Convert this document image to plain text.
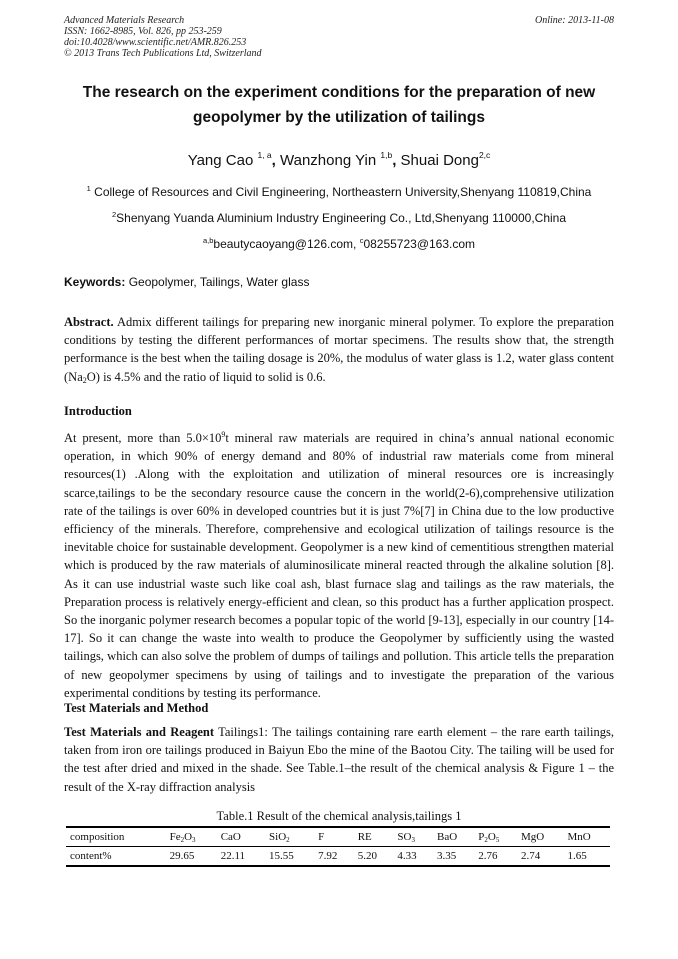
Advanced Materials Research
ISSN: 1662-8985, Vol. 826, pp 253-259
doi:10.4028/www.scientific.net/AMR.826.253
© 2013 Trans Tech Publications Ltd, Switzerland
Online: 2013-11-08
The research on the experiment conditions for the preparation of new
geopolymer by the utilization of tailings
Yang Cao $^{1, a}$, Wanzhong Yin $^{1,b}$, Shuai Dong$^{2,c}$
$^1$ College of Resources and Civil Engineering, Northeastern University,Shenyang 110819,China
$^2$Shenyang Yuanda Aluminium Industry Engineering Co., Ltd,Shenyang 110000,China
$^{a,b}$beautycaoyang@126.com, $^c$08255723@163.com
Keywords: Geopolymer, Tailings, Water glass
Abstract. Admix different tailings for preparing new inorganic mineral polymer. To explore the preparation conditions by testing the different performances of mortar specimens. The results show that, the strength performance is the best when the tailing dosage is 20%, the modulus of water glass is 1.2, water glass content $(Na_2O)$ is 4.5% and the ratio of liquid to solid is 0.6.
Introduction
At present, more than $5.0\times 10^9t$ mineral raw materials are required in china’s annual national economic operation, in which 90% of energy demand and 80% of industrial raw materials come from mineral resources(1) .Along with the exploitation and utilization of mineral resources ore is increasingly scarce,tailings to be the secondary resource cause the concern in the world(2-6),comprehensive utilization rate of the tailings is over 60% in developed countries but it is just 7%[7] in China due to the low productive efficiency of the minerals. Therefore, comprehensive and ecological utilization of tailings resource is the inevitable choice for sustainable development. Geopolymer is a new kind of cementitious strengthen material which is produced by the raw materials of aluminosilicate mineral reacted through the alkaline solution [8]. As it can use industrial waste such like coal ash, blast furnace slag and tailings as the raw materials, the Preparation process is relatively energy-efficient and clean, so this product has a further application prospect. So the inorganic polymer research becomes a popular topic of the world [9-13], especially in our country [14-17]. So it can change the waste into wealth to produce the Geopolymer by sufficiently using the wasted tailings, which can also solve the problem of dumps of tailings and pollution. This article tells the preparation of new geopolymer specimens by using of tailings and to investigate the preparation of the various experimental conditions by testing its performance.
Test Materials and Method
Test Materials and Reagent Tailings1: The tailings containing rare earth element – the rare earth tailings, taken from iron ore tailings produced in Baiyun Ebo the mine of the Baotou City. The tailing will be used for the test after dried and mixed in the shade. See Table.1–the result of the chemical analysis & Figure 1 – the result of the X-ray diffraction analysis
Table.1 Result of the chemical analysis,tailings 1
composition	$Fe_2O_3$	CaO	SiO$_2$	F	RE	$SO_3$	BaO	$P_2O_5$	MgO	MnO
content%	29.65	22.11	15.55	7.92	5.20	4.33	3.35	2.76	2.74	1.65
